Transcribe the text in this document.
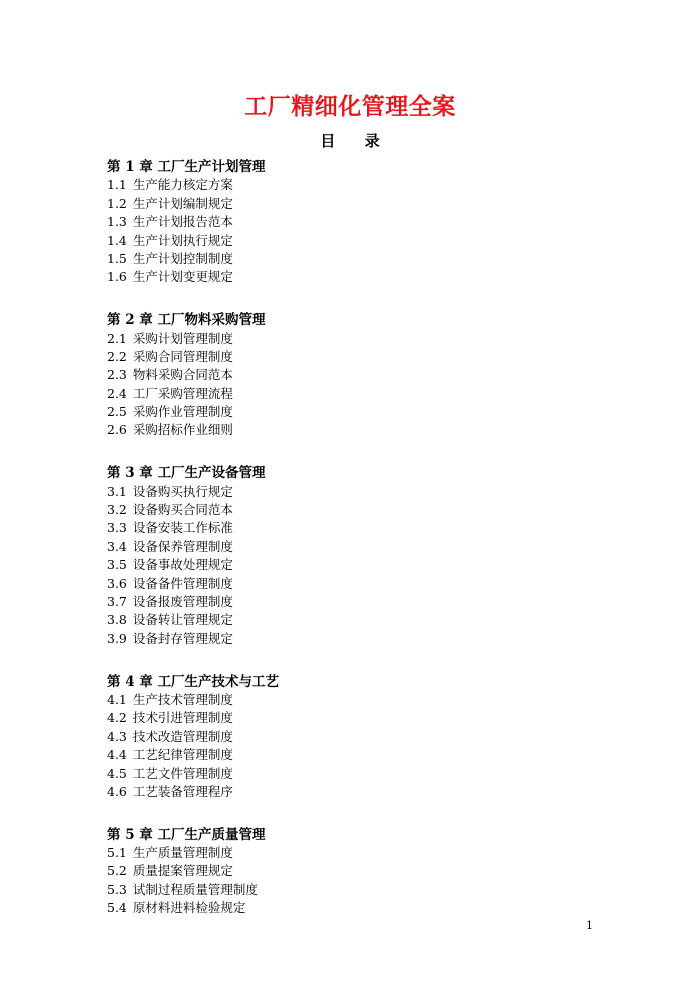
工厂精细化管理全案
目 录
第 1 章 工厂生产计划管理
1.1 生产能力核定方案
1.2 生产计划编制规定
1.3 生产计划报告范本
1.4 生产计划执行规定
1.5 生产计划控制制度
1.6 生产计划变更规定
第 2 章 工厂物料采购管理
2.1 采购计划管理制度
2.2 采购合同管理制度
2.3 物料采购合同范本
2.4 工厂采购管理流程
2.5 采购作业管理制度
2.6 采购招标作业细则
第 3 章 工厂生产设备管理
3.1 设备购买执行规定
3.2 设备购买合同范本
3.3 设备安装工作标准
3.4 设备保养管理制度
3.5 设备事故处理规定
3.6 设备备件管理制度
3.7 设备报废管理制度
3.8 设备转让管理规定
3.9 设备封存管理规定
第 4 章 工厂生产技术与工艺
4.1 生产技术管理制度
4.2 技术引进管理制度
4.3 技术改造管理制度
4.4 工艺纪律管理制度
4.5 工艺文件管理制度
4.6 工艺装备管理程序
第 5 章 工厂生产质量管理
5.1 生产质量管理制度
5.2 质量提案管理规定
5.3 试制过程质量管理制度
5.4 原材料进料检验规定
1
